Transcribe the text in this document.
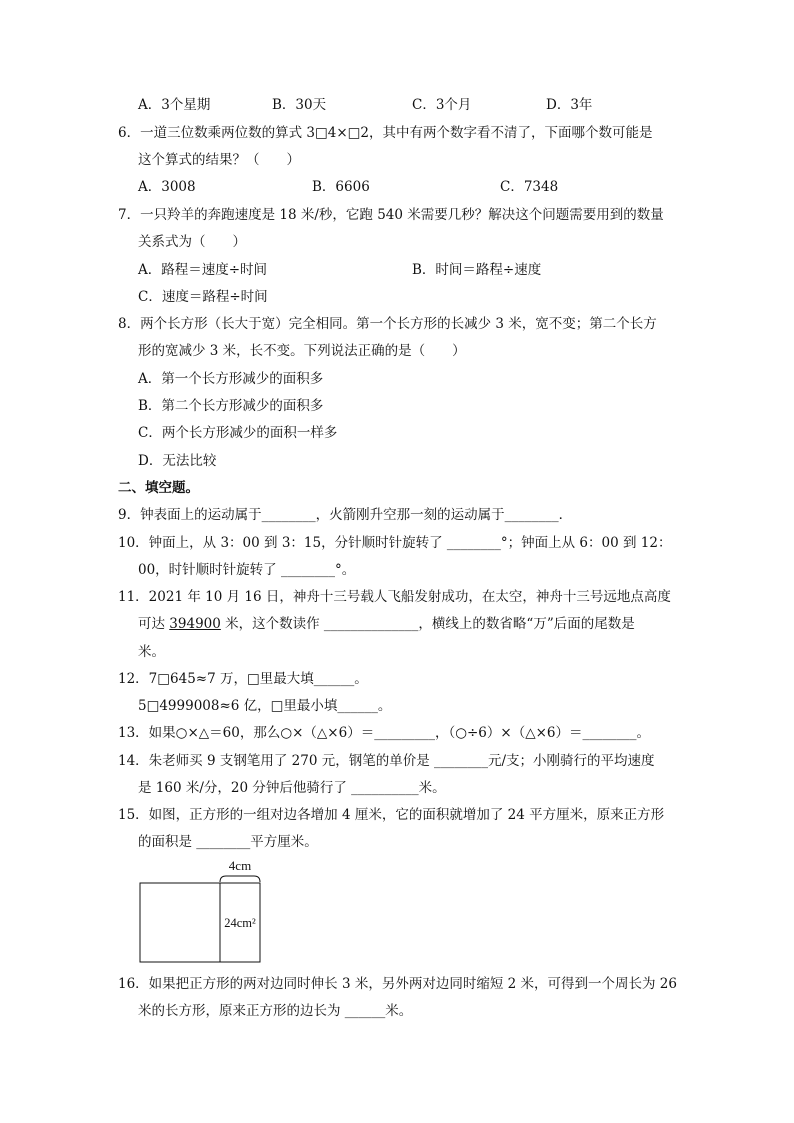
A．3个星期	B．30天	C．3个月	D．3年
6．一道三位数乘两位数的算式 3□4×□2，其中有两个数字看不清了，下面哪个数可能是
这个算式的结果？（　　）
A．3008	B．6606	C．7348
7．一只羚羊的奔跑速度是 18 米/秒，它跑 540 米需要几秒？解决这个问题需要用到的数量
关系式为（　　）
A．路程＝速度÷时间	B．时间＝路程÷速度
C．速度＝路程÷时间
8．两个长方形（长大于宽）完全相同。第一个长方形的长减少 3 米，宽不变；第二个长方
形的宽减少 3 米，长不变。下列说法正确的是（　　）
A．第一个长方形减少的面积多
B．第二个长方形减少的面积多
C．两个长方形减少的面积一样多
D．无法比较
二、填空题。
9．钟表面上的运动属于________，火箭刚升空那一刻的运动属于________．
10．钟面上，从 3：00 到 3：15，分针顺时针旋转了 ________°；钟面上从 6：00 到 12：
00，时针顺时针旋转了 ________°。
11．2021 年 10 月 16 日，神舟十三号载人飞船发射成功，在太空，神舟十三号远地点高度
可达 394900 米，这个数读作 ______________，横线上的数省略“万”后面的尾数是
米。
12．7□645≈7 万，□里最大填______。
5□4999008≈6 亿，□里最小填______。
13．如果○×△＝60，那么○×（△×6）＝_________，（○÷6）×（△×6）＝________。
14．朱老师买 9 支钢笔用了 270 元，钢笔的单价是 ________元/支；小刚骑行的平均速度
是 160 米/分，20 分钟后他骑行了 __________米。
15．如图，正方形的一组对边各增加 4 厘米，它的面积就增加了 24 平方厘米，原来正方形
的面积是 ________平方厘米。
4cm
24cm²
16．如果把正方形的两对边同时伸长 3 米，另外两对边同时缩短 2 米，可得到一个周长为 26
米的长方形，原来正方形的边长为 ______米。
